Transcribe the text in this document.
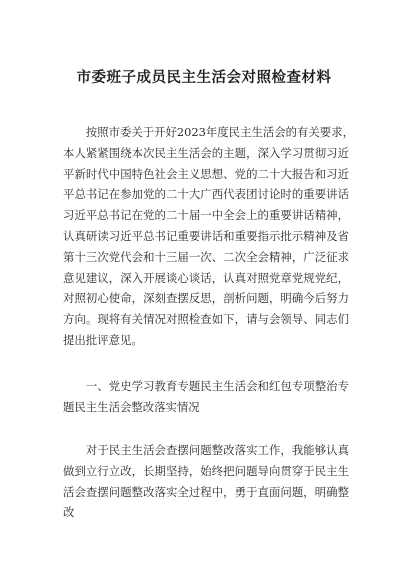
市委班子成员民主生活会对照检查材料
　　按照市委关于开好2023年度民主生活会的有关要求，
本人紧紧围绕本次民主生活会的主题，深入学习贯彻习近
平新时代中国特色社会主义思想、党的二十大报告和习近
平总书记在参加党的二十大广西代表团讨论时的重要讲话
习近平总书记在党的二十届一中全会上的重要讲话精神，
认真研读习近平总书记重要讲话和重要指示批示精神及省
第十三次党代会和十三届一次、二次全会精神，广泛征求
意见建议，深入开展谈心谈话，认真对照党章党规党纪，
对照初心使命，深刻查摆反思，剖析问题，明确今后努力
方向。现将有关情况对照检查如下，请与会领导、同志们
提出批评意见。
　　一、党史学习教育专题民主生活会和红包专项整治专
题民主生活会整改落实情况
　　对于民主生活会查摆问题整改落实工作，我能够认真
做到立行立改，长期坚持，始终把问题导向贯穿于民主生
活会查摆问题整改落实全过程中，勇于直面问题，明确整
改
